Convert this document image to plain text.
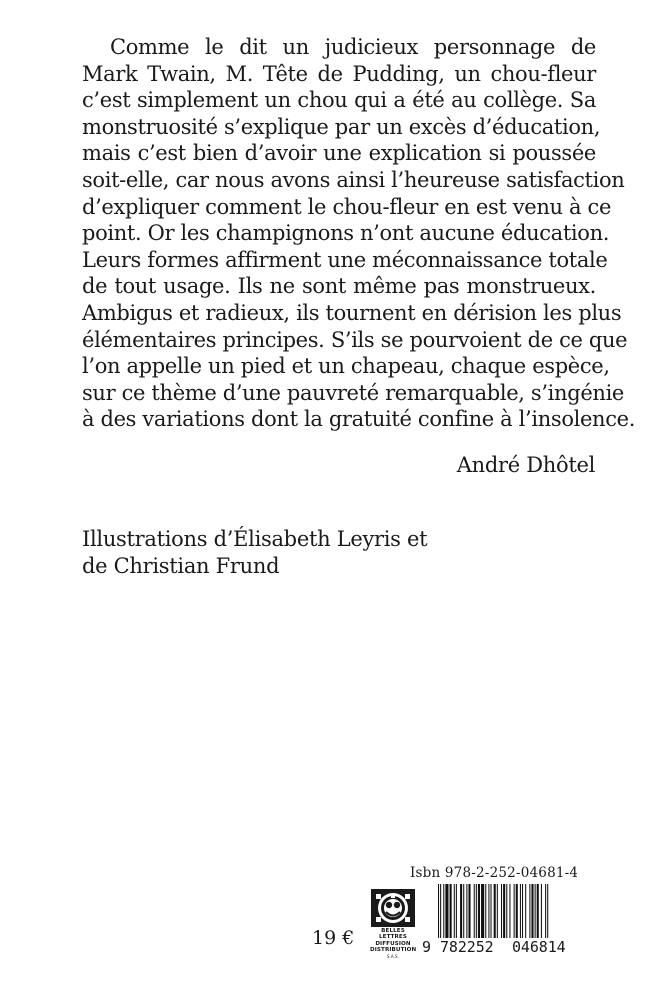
Comme le dit un judicieux personnage de
Mark Twain, M. Tête de Pudding, un chou-fleur
c’est simplement un chou qui a été au collège. Sa
monstruosité s’explique par un excès d’éducation,
mais c’est bien d’avoir une explication si poussée
soit-elle, car nous avons ainsi l’heureuse satisfaction
d’expliquer comment le chou-fleur en est venu à ce
point. Or les champignons n’ont aucune éducation.
Leurs formes affirment une méconnaissance totale
de tout usage. Ils ne sont même pas monstrueux.
Ambigus et radieux, ils tournent en dérision les plus
élémentaires principes. S’ils se pourvoient de ce que
l’on appelle un pied et un chapeau, chaque espèce,
sur ce thème d’une pauvreté remarquable, s’ingénie
à des variations dont la gratuité confine à l’insolence.
André Dhôtel
Illustrations d’Élisabeth Leyris et
de Christian Frund
Isbn 978-2-252-04681-4
19 €	BELLES LETTRES
DIFFUSION
DISTRIBUTION
S.A.S.
9 782252 046814
